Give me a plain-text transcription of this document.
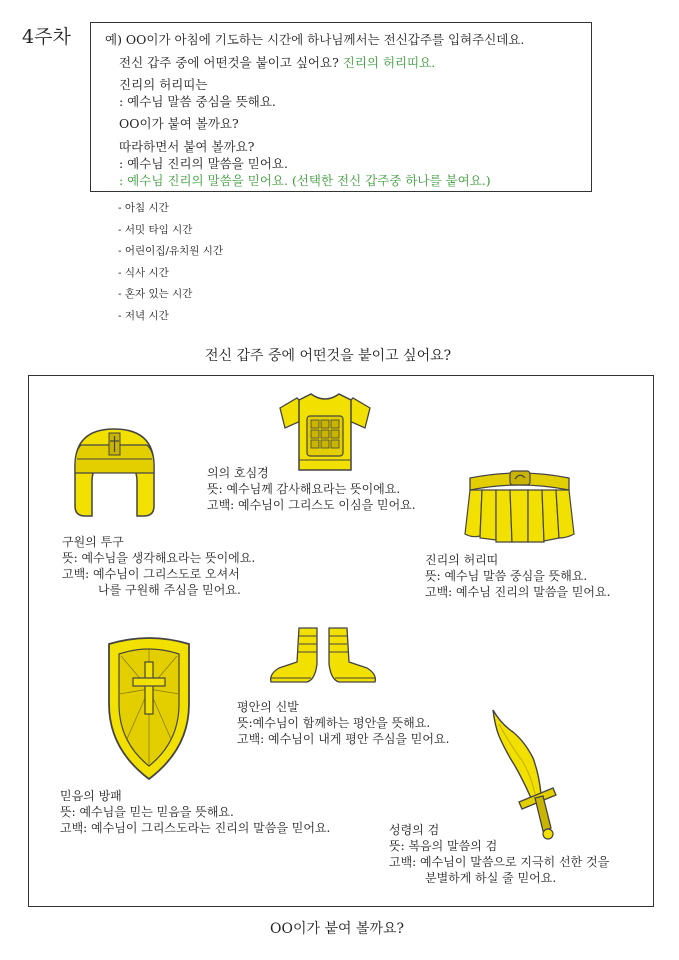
4주차	예) OO이가 아침에 기도하는 시간에 하나님께서는 전신갑주를 입혀주신데요.
전신 갑주 중에 어떤것을 붙이고 싶어요? 진리의 허리띠요.
진리의 허리띠는
: 예수님 말씀 중심을 뜻해요.
OO이가 붙여 볼까요?
따라하면서 붙여 볼까요?
: 예수님 진리의 말씀을 믿어요.
: 예수님 진리의 말씀을 믿어요. (선택한 전신 갑주중 하나를 붙여요.)
- 아침 시간
- 서밋 타임 시간
- 어린이집/유치원 시간
- 식사 시간
- 혼자 있는 시간
- 저녁 시간
전신 갑주 중에 어떤것을 붙이고 싶어요?
구원의 투구
뜻: 예수님을 생각해요라는 뜻이에요.
고백: 예수님이 그리스도로 오셔서
나를 구원해 주심을 믿어요.
의의 호심경
뜻: 예수님께 감사해요라는 뜻이에요.
고백: 예수님이 그리스도 이심을 믿어요.
진리의 허리띠
뜻: 예수님 말씀 중심을 뜻해요.
고백: 예수님 진리의 말씀을 믿어요.
평안의 신발
뜻:예수님이 함께하는 평안을 뜻해요.
고백: 예수님이 내게 평안 주심을 믿어요.
믿음의 방패
뜻: 예수님을 믿는 믿음을 뜻해요.
고백: 예수님이 그리스도라는 진리의 말씀을 믿어요.	성령의 검
뜻: 복음의 말씀의 검
고백: 예수님이 말씀으로 지극히 선한 것을
분별하게 하실 줄 믿어요.
OO이가 붙여 볼까요?
